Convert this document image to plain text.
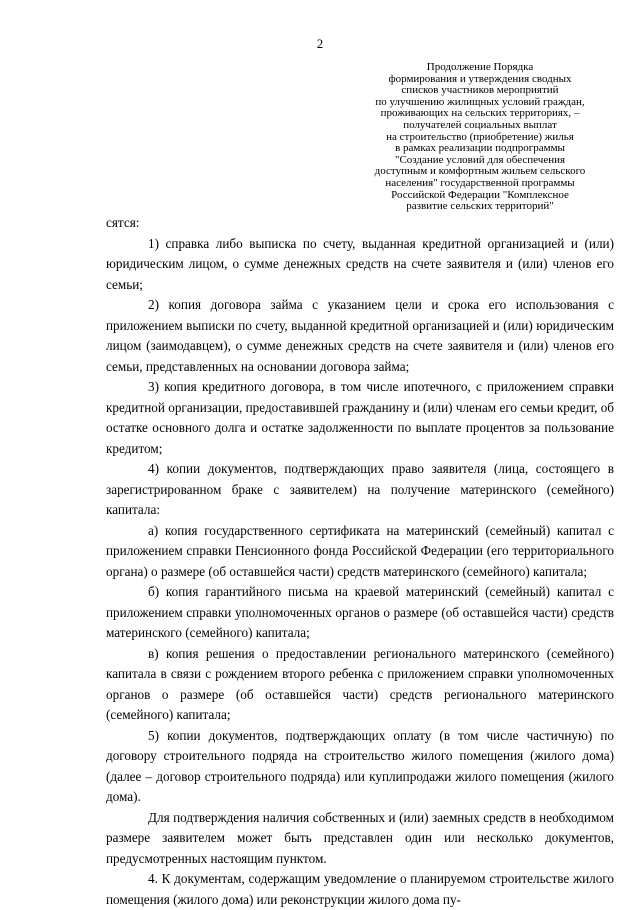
2
Продолжение Порядка
формирования и утверждения сводных
списков участников мероприятий
по улучшению жилищных условий граждан,
проживающих на сельских территориях, –
получателей социальных выплат
на строительство (приобретение) жилья
в рамках реализации подпрограммы
"Создание условий для обеспечения
доступным и комфортным жильем сельского
населения" государственной программы
Российской Федерации "Комплексное
развитие сельских территорий"

сятся:

1) справка либо выписка по счету, выданная кредитной организацией и (или) юридическим лицом, о сумме денежных средств на счете заявителя и (или) членов его семьи;

2) копия договора займа с указанием цели и срока его использования с приложением выписки по счету, выданной кредитной организацией и (или) юридическим лицом (заимодавцем), о сумме денежных средств на счете заявителя и (или) членов его семьи, представленных на основании договора займа;

3) копия кредитного договора, в том числе ипотечного, с приложением справки кредитной организации, предоставившей гражданину и (или) членам его семьи кредит, об остатке основного долга и остатке задолженности по выплате процентов за пользование кредитом;

4) копии документов, подтверждающих право заявителя (лица, состоящего в зарегистрированном браке с заявителем) на получение материнского (семейного) капитала:

а) копия государственного сертификата на материнский (семейный) капитал с приложением справки Пенсионного фонда Российской Федерации (его территориального органа) о размере (об оставшейся части) средств материнского (семейного) капитала;

б) копия гарантийного письма на краевой материнский (семейный) капитал с приложением справки уполномоченных органов о размере (об оставшейся части) средств материнского (семейного) капитала;

в) копия решения о предоставлении регионального материнского (семейного) капитала в связи с рождением второго ребенка с приложением справки уполномоченных органов о размере (об оставшейся части) средств регионального материнского (семейного) капитала;

5) копии документов, подтверждающих оплату (в том числе частичную) по договору строительного подряда на строительство жилого помещения (жилого дома) (далее – договор строительного подряда) или куплипродажи жилого помещения (жилого дома).

Для подтверждения наличия собственных и (или) заемных средств в необходимом размере заявителем может быть представлен один или несколько документов, предусмотренных настоящим пунктом.

4. К документам, содержащим уведомление о планируемом строительстве жилого помещения (жилого дома) или реконструкции жилого дома пу-
